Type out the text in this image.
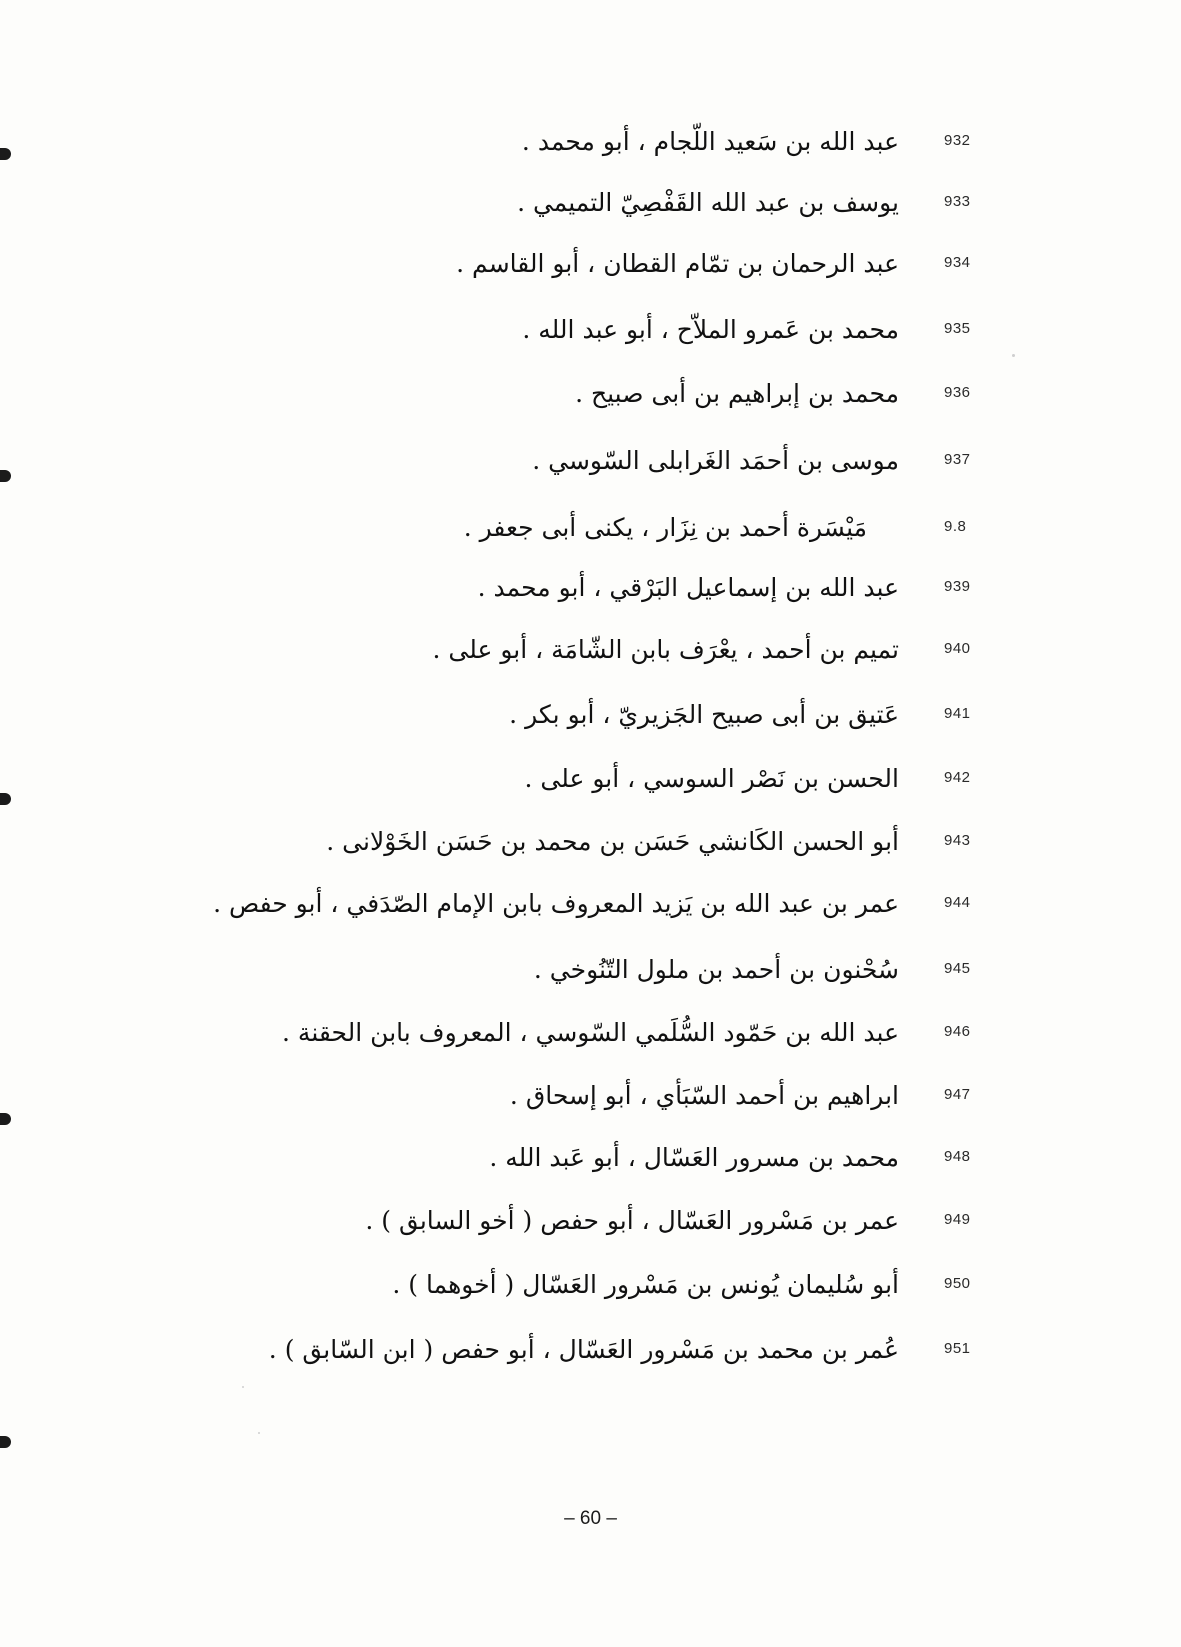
932
عبد الله بن سَعيد اللّجام ، أبو محمد .
933
يوسف بن عبد الله القَفْصِيّ التميمي .
934
عبد الرحمان بن تمّام القطان ، أبو القاسم .
935
محمد بن عَمرو الملاّح ، أبو عبد الله .
936
محمد بن إبراهيم بن أبى صبيح .
937
موسى بن أحمَد الغَرابلى السّوسي .
9.8
مَيْسَرة أحمد بن نِزَار ، يكنى أبى جعفر .
939
عبد الله بن إسماعيل البَرْقي ، أبو محمد .
940
تميم بن أحمد ، يعْرَف بابن الشّامَة ، أبو على .
941
عَتيق بن أبى صبيح الجَزيريّ ، أبو بكر .
942
الحسن بن نَصْر السوسي ، أبو على .
943
أبو الحسن الكَانشي حَسَن بن محمد بن حَسَن الخَوْلانى .
944
عمر بن عبد الله بن يَزيد المعروف بابن الإمام الصّدَفي ، أبو حفص .
945
سُحْنون بن أحمد بن ملول التّنُوخي .
946
عبد الله بن حَمّود السُّلَمي السّوسي ، المعروف بابن الحقنة .
947
ابراهيم بن أحمد السّبَأي ، أبو إسحاق .
948
محمد بن مسرور العَسّال ، أبو عَبد الله .
949
عمر بن مَسْرور العَسّال ، أبو حفص ( أخو السابق ) .
950
أبو سُليمان يُونس بن مَسْرور العَسّال ( أخوهما ) .
951
عُمر بن محمد بن مَسْرور العَسّال ، أبو حفص ( ابن السّابق ) .
– 60 –
